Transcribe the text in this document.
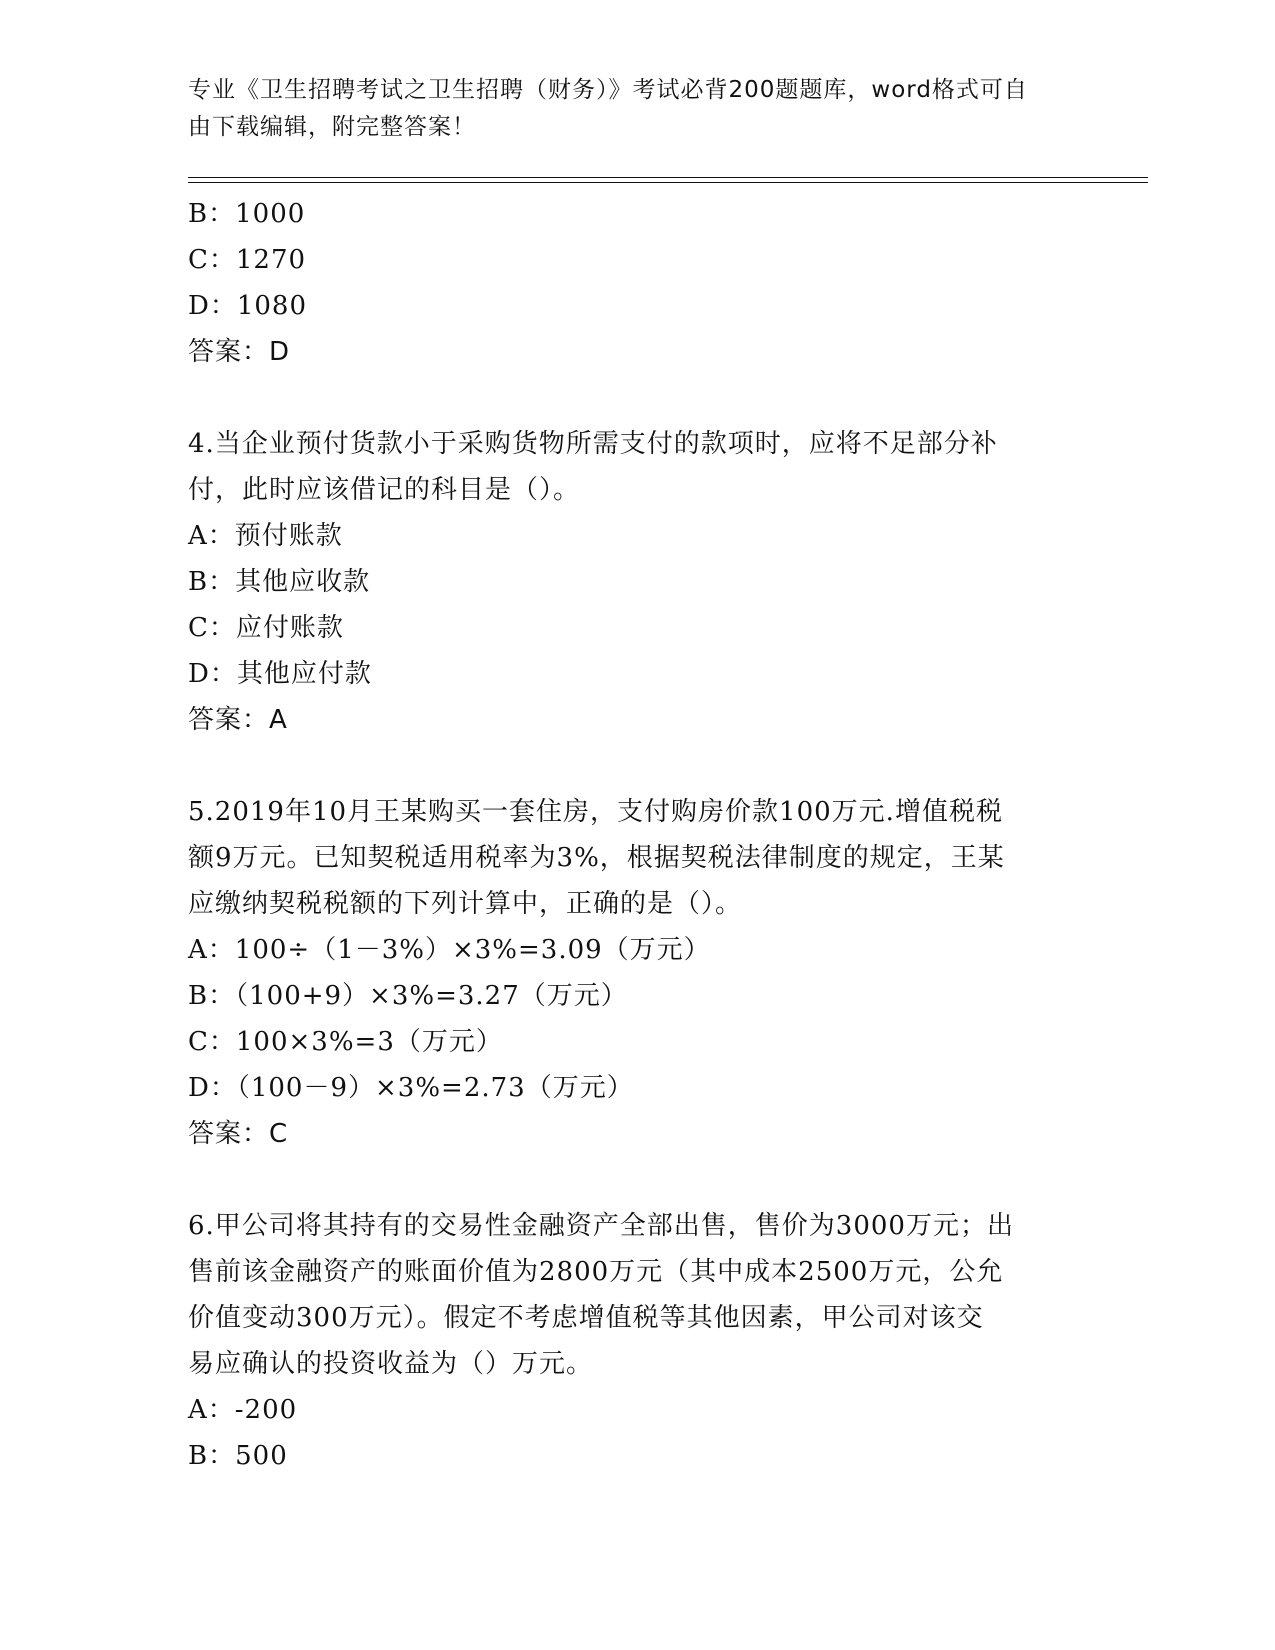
专业《卫生招聘考试之卫生招聘（财务）》考试必背200题题库，word格式可自
由下载编辑，附完整答案！
B：1000
C：1270
D：1080
答案：D
4.当企业预付货款小于采购货物所需支付的款项时，应将不足部分补
付，此时应该借记的科目是（）。
A：预付账款
B：其他应收款
C：应付账款
D：其他应付款
答案：A
5.2019年10月王某购买一套住房，支付购房价款100万元.增值税税
额9万元。已知契税适用税率为3%，根据契税法律制度的规定，王某
应缴纳契税税额的下列计算中，正确的是（）。
A：100÷（1－3%）×3%=3.09（万元）
B：（100+9）×3%=3.27（万元）
C：100×3%=3（万元）
D：（100－9）×3%=2.73（万元）
答案：C
6.甲公司将其持有的交易性金融资产全部出售，售价为3000万元；出
售前该金融资产的账面价值为2800万元（其中成本2500万元，公允
价值变动300万元）。假定不考虑增值税等其他因素，甲公司对该交
易应确认的投资收益为（）万元。
A：-200
B：500
